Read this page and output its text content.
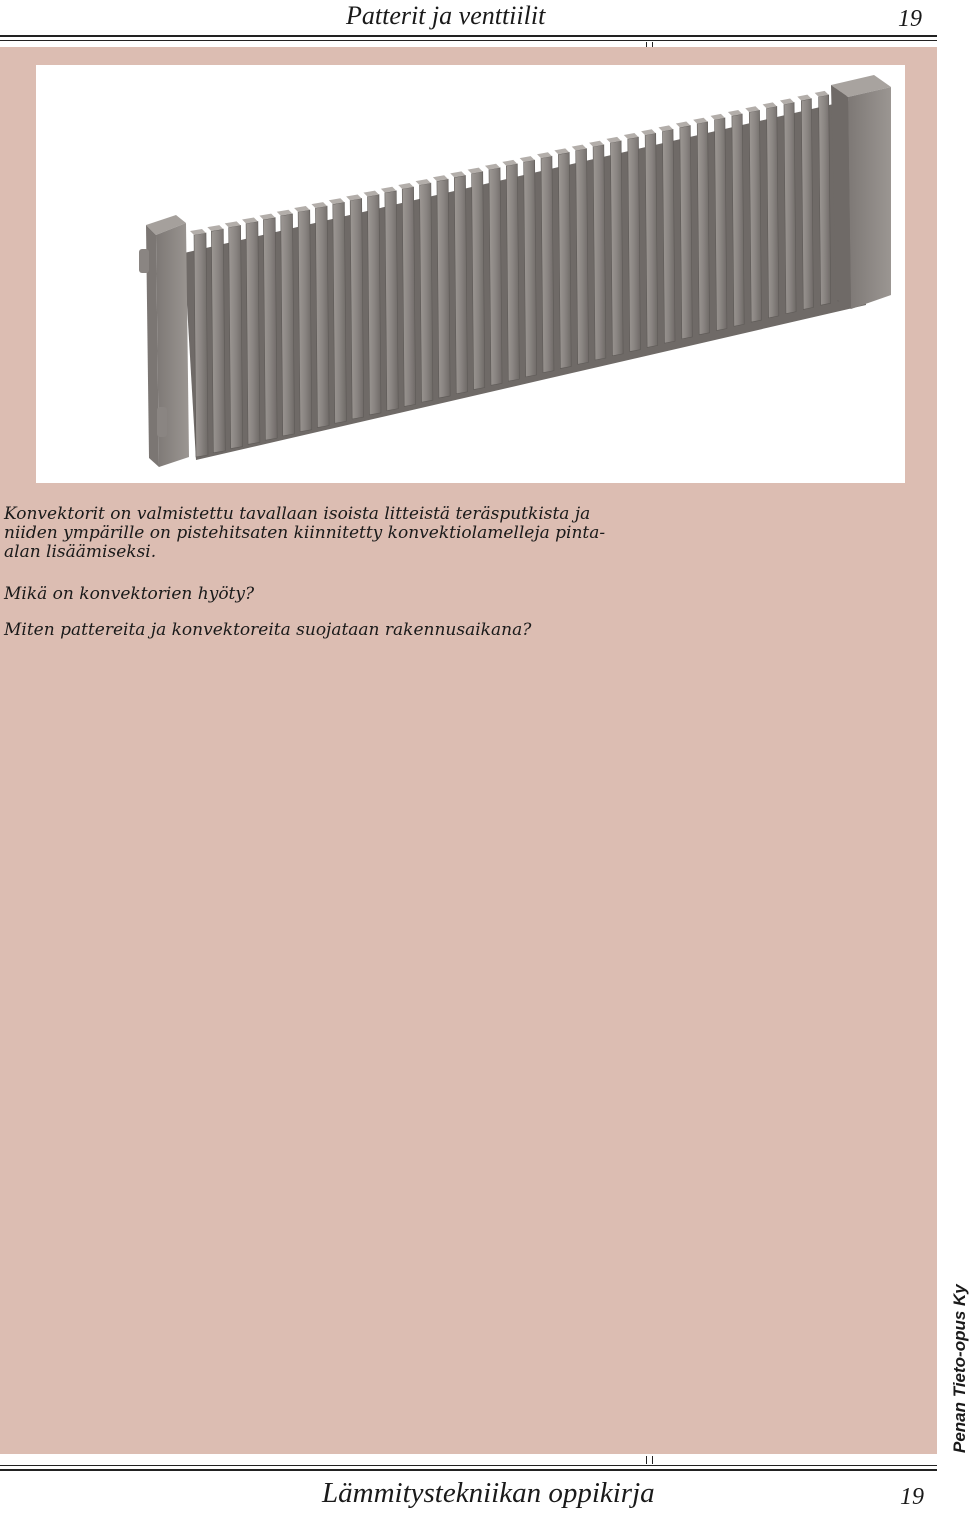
Patterit ja venttiilit	19
Konvektorit on valmistettu tavallaan isoista litteistä teräsputkista ja
niiden ympärille on pistehitsaten kiinnitetty konvektiolamelleja pinta-
alan lisäämiseksi.
Mikä on konvektorien hyöty?
Miten pattereita ja konvektoreita suojataan rakennusaikana?
Penan Tieto-opus Ky
Lämmitystekniikan oppikirja	19
